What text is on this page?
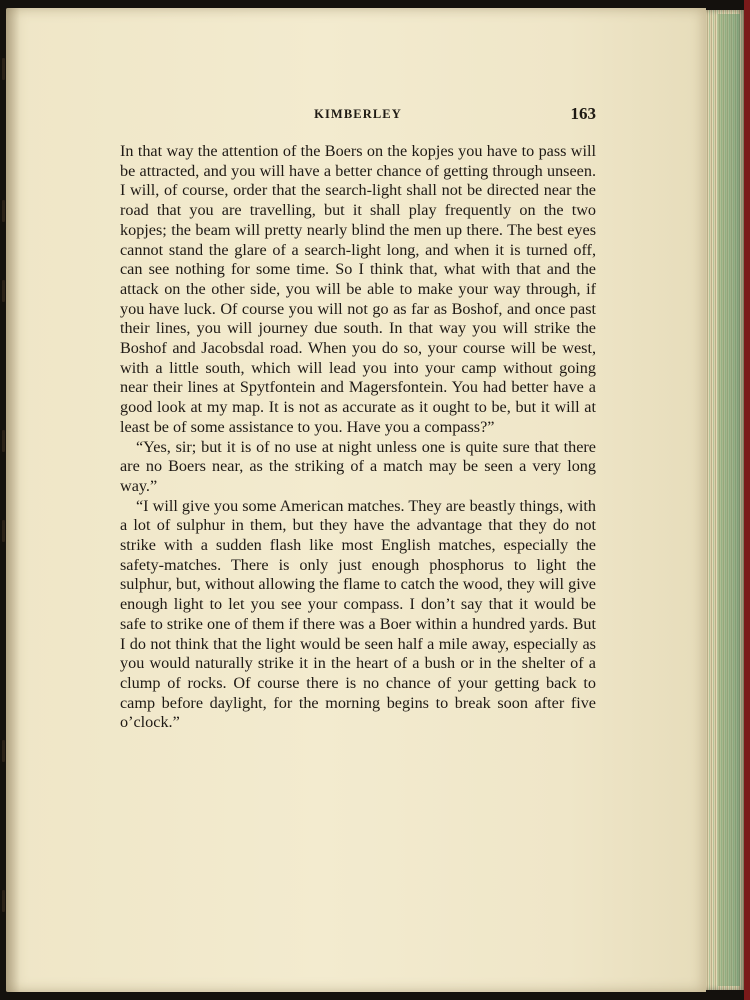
KIMBERLEY	163

In that way the attention of the Boers on the kopjes you have to pass will be attracted, and you will have a better chance of getting through unseen. I will, of course, order that the search-light shall not be directed near the road that you are travelling, but it shall play frequently on the two kopjes; the beam will pretty nearly blind the men up there. The best eyes cannot stand the glare of a search-light long, and when it is turned off, can see nothing for some time. So I think that, what with that and the attack on the other side, you will be able to make your way through, if you have luck. Of course you will not go as far as Boshof, and once past their lines, you will journey due south. In that way you will strike the Boshof and Jacobsdal road. When you do so, your course will be west, with a little south, which will lead you into your camp without going near their lines at Spytfontein and Magersfontein. You had better have a good look at my map. It is not as accurate as it ought to be, but it will at least be of some assistance to you. Have you a compass?”

“Yes, sir; but it is of no use at night unless one is quite sure that there are no Boers near, as the striking of a match may be seen a very long way.”

“I will give you some American matches. They are beastly things, with a lot of sulphur in them, but they have the advantage that they do not strike with a sudden flash like most English matches, especially the safety-matches. There is only just enough phosphorus to light the sulphur, but, without allowing the flame to catch the wood, they will give enough light to let you see your compass. I don’t say that it would be safe to strike one of them if there was a Boer within a hundred yards. But I do not think that the light would be seen half a mile away, especially as you would naturally strike it in the heart of a bush or in the shelter of a clump of rocks. Of course there is no chance of your getting back to camp before daylight, for the morning begins to break soon after five o’clock.”
